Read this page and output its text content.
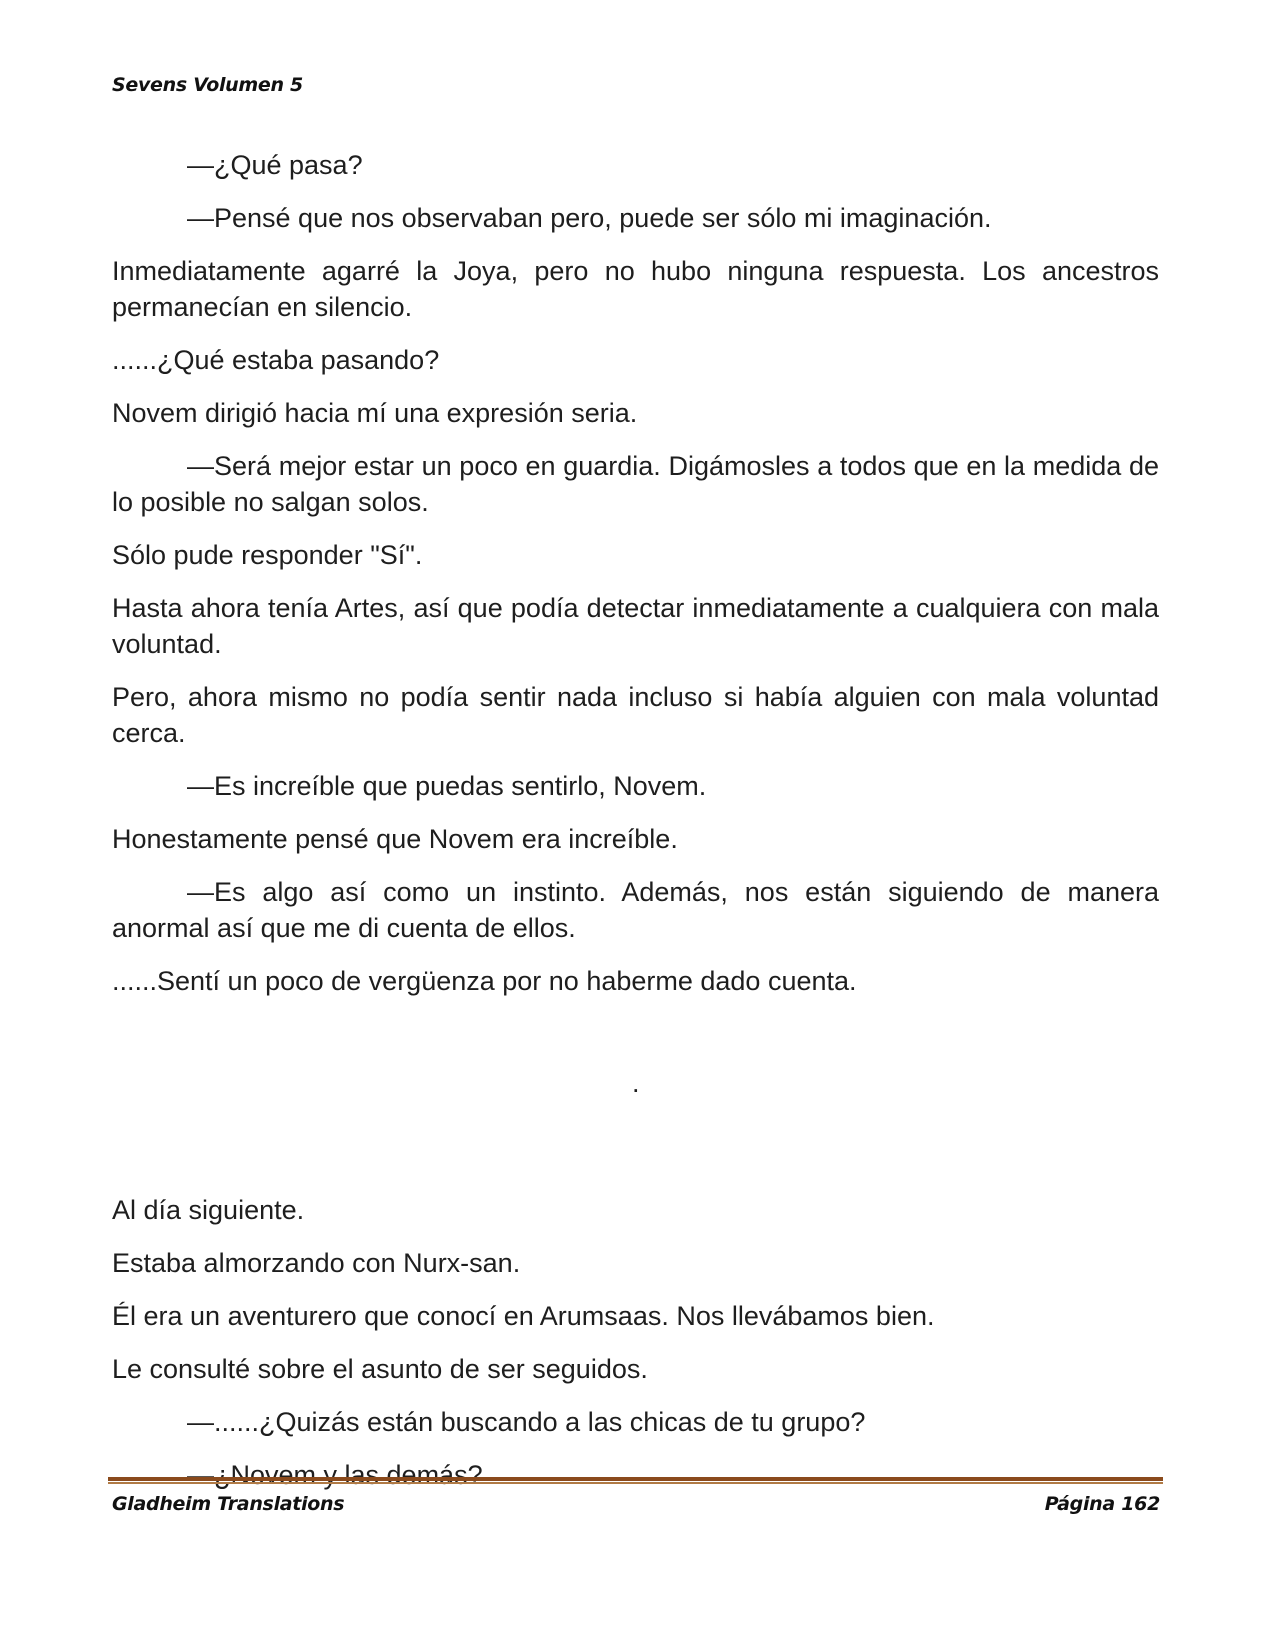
Sevens Volumen 5

—¿Qué pasa?

—Pensé que nos observaban pero, puede ser sólo mi imaginación.

Inmediatamente agarré la Joya, pero no hubo ninguna respuesta. Los ancestros permanecían en silencio.

......¿Qué estaba pasando?

Novem dirigió hacia mí una expresión seria.

—Será mejor estar un poco en guardia. Digámosles a todos que en la medida de lo posible no salgan solos.

Sólo pude responder "Sí".

Hasta ahora tenía Artes, así que podía detectar inmediatamente a cualquiera con mala voluntad.

Pero, ahora mismo no podía sentir nada incluso si había alguien con mala voluntad cerca.

—Es increíble que puedas sentirlo, Novem.

Honestamente pensé que Novem era increíble.

—Es algo así como un instinto. Además, nos están siguiendo de manera anormal así que me di cuenta de ellos.

......Sentí un poco de vergüenza por no haberme dado cuenta.

.

Al día siguiente.

Estaba almorzando con Nurx-san.

Él era un aventurero que conocí en Arumsaas. Nos llevábamos bien.

Le consulté sobre el asunto de ser seguidos.

—......¿Quizás están buscando a las chicas de tu grupo?

—¿Novem y las demás?

Gladheim Translations	Página 162
